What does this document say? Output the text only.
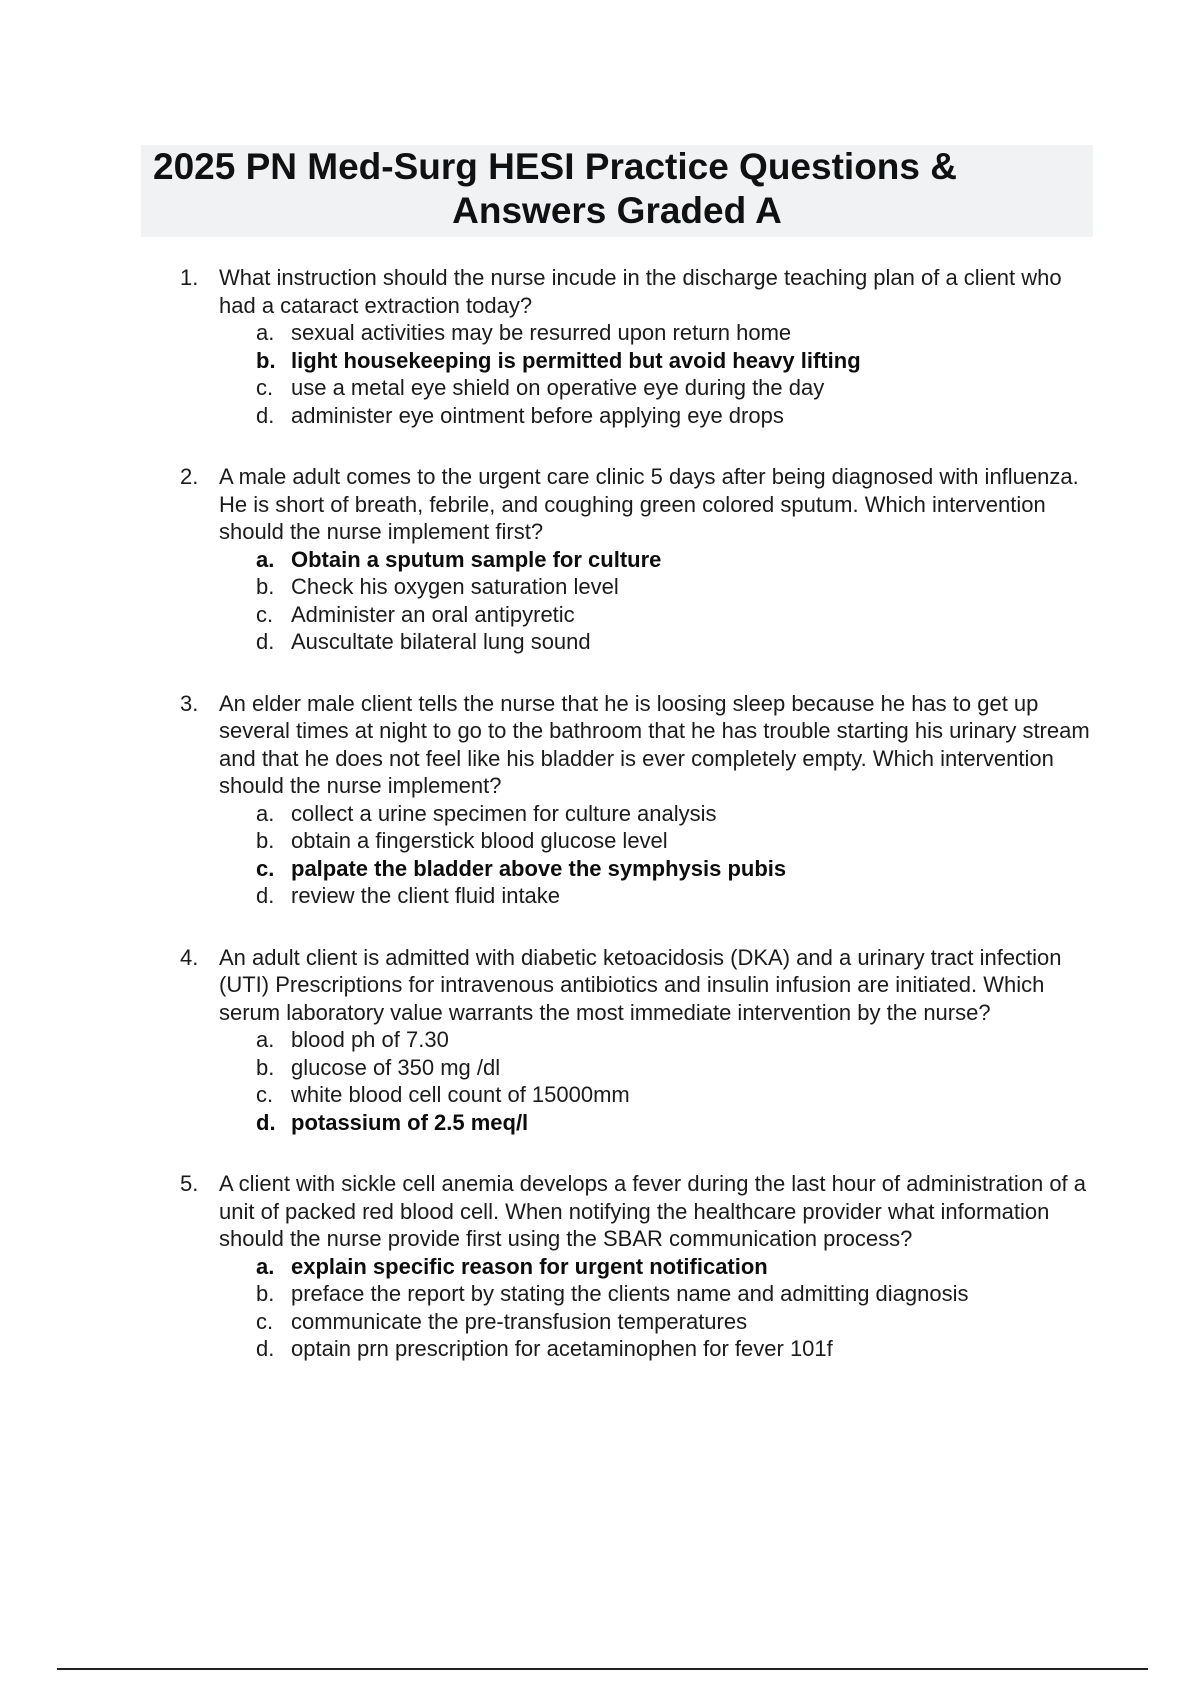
2025 PN Med-Surg HESI Practice Questions &
Answers Graded A
1. What instruction should the nurse incude in the discharge teaching plan of a client who had a cataract extraction today?
a. sexual activities may be resurred upon return home
b. light housekeeping is permitted but avoid heavy lifting
c. use a metal eye shield on operative eye during the day
d. administer eye ointment before applying eye drops
2. A male adult comes to the urgent care clinic 5 days after being diagnosed with influenza. He is short of breath, febrile, and coughing green colored sputum. Which intervention should the nurse implement first?
a. Obtain a sputum sample for culture
b. Check his oxygen saturation level
c. Administer an oral antipyretic
d. Auscultate bilateral lung sound
3. An elder male client tells the nurse that he is loosing sleep because he has to get up several times at night to go to the bathroom that he has trouble starting his urinary stream and that he does not feel like his bladder is ever completely empty. Which intervention should the nurse implement?
a. collect a urine specimen for culture analysis
b. obtain a fingerstick blood glucose level
c. palpate the bladder above the symphysis pubis
d. review the client fluid intake
4. An adult client is admitted with diabetic ketoacidosis (DKA) and a urinary tract infection (UTI) Prescriptions for intravenous antibiotics and insulin infusion are initiated. Which serum laboratory value warrants the most immediate intervention by the nurse?
a. blood ph of 7.30
b. glucose of 350 mg /dl
c. white blood cell count of 15000mm
d. potassium of 2.5 meq/l
5. A client with sickle cell anemia develops a fever during the last hour of administration of a unit of packed red blood cell. When notifying the healthcare provider what information should the nurse provide first using the SBAR communication process?
a. explain specific reason for urgent notification
b. preface the report by stating the clients name and admitting diagnosis
c. communicate the pre-transfusion temperatures
d. optain prn prescription for acetaminophen for fever 101f
